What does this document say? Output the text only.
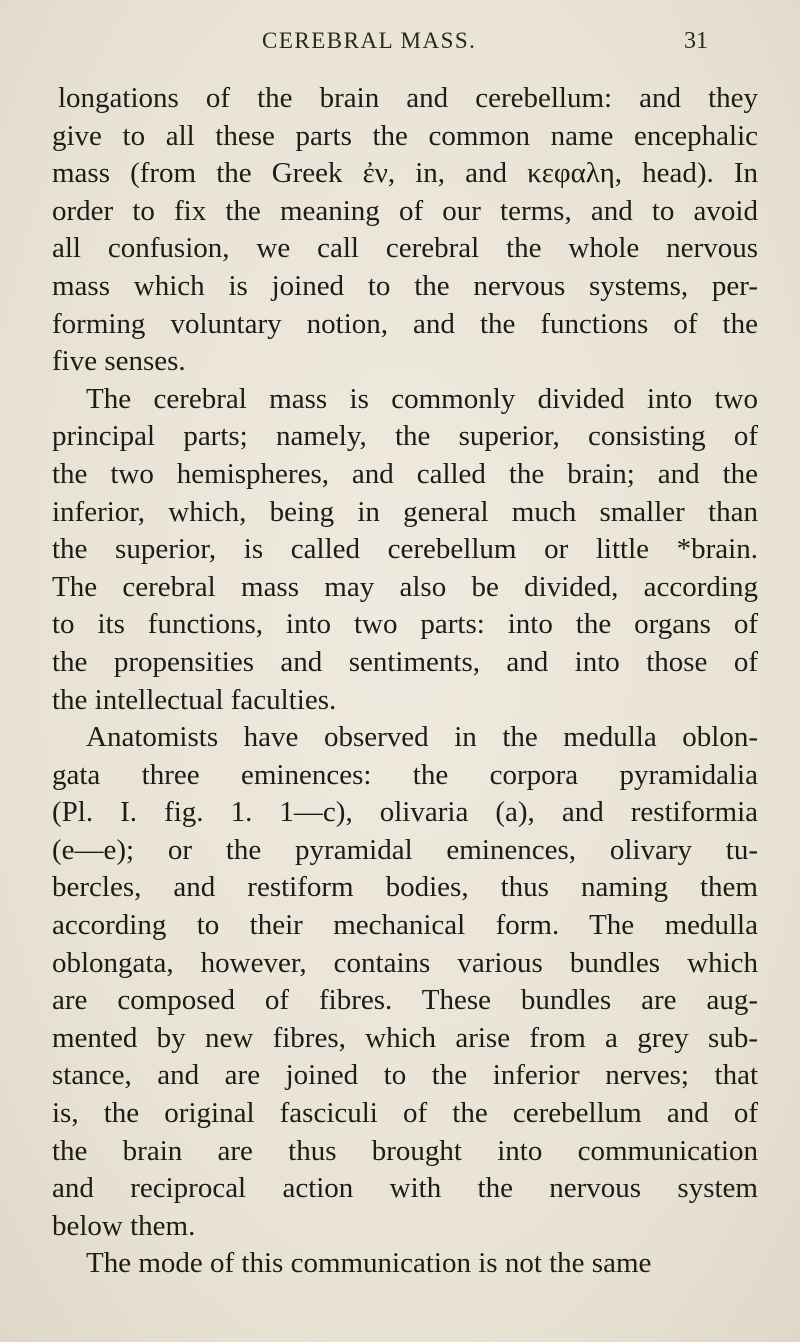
CEREBRAL MASS.	31
longations of the brain and cerebellum: and they
give to all these parts the common name encephalic
mass (from the Greek ἐν, in, and κεφαλη, head). In
order to fix the meaning of our terms, and to avoid
all confusion, we call cerebral the whole nervous
mass which is joined to the nervous systems, per-
forming voluntary notion, and the functions of the
five senses.
The cerebral mass is commonly divided into two
principal parts; namely, the superior, consisting of
the two hemispheres, and called the brain; and the
inferior, which, being in general much smaller than
the superior, is called cerebellum or little *brain.
The cerebral mass may also be divided, according
to its functions, into two parts: into the organs of
the propensities and sentiments, and into those of
the intellectual faculties.
Anatomists have observed in the medulla oblon-
gata three eminences: the corpora pyramidalia
(Pl. I. fig. 1. 1—c), olivaria (a), and restiformia
(e—e); or the pyramidal eminences, olivary tu-
bercles, and restiform bodies, thus naming them
according to their mechanical form. The medulla
oblongata, however, contains various bundles which
are composed of fibres. These bundles are aug-
mented by new fibres, which arise from a grey sub-
stance, and are joined to the inferior nerves; that
is, the original fasciculi of the cerebellum and of
the brain are thus brought into communication
and reciprocal action with the nervous system
below them.
The mode of this communication is not the same
